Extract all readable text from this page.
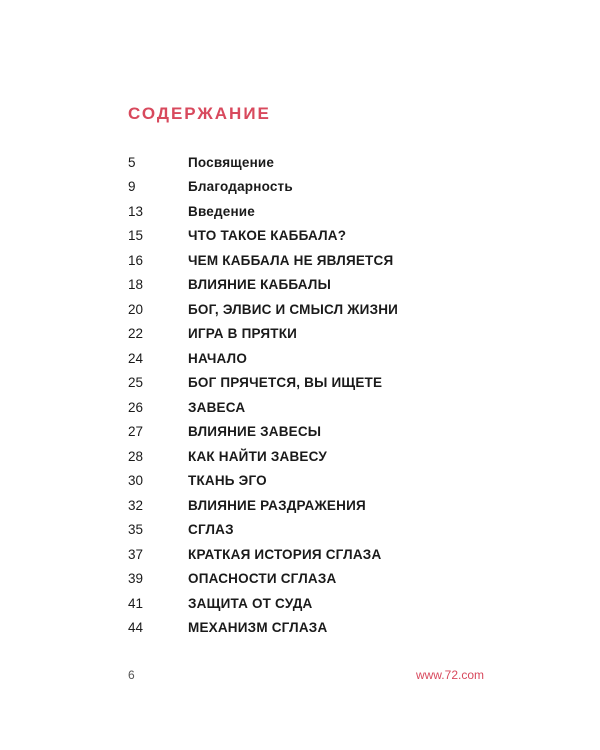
СОДЕРЖАНИЕ
5	Посвящение
9	Благодарность
13	Введение
15	ЧТО ТАКОЕ КАББАЛА?
16	ЧЕМ КАББАЛА НЕ ЯВЛЯЕТСЯ
18	ВЛИЯНИЕ КАББАЛЫ
20	БОГ, ЭЛВИС И СМЫСЛ ЖИЗНИ
22	ИГРА В ПРЯТКИ
24	НАЧАЛО
25	БОГ ПРЯЧЕТСЯ, ВЫ ИЩЕТЕ
26	ЗАВЕСА
27	ВЛИЯНИЕ ЗАВЕСЫ
28	КАК НАЙТИ ЗАВЕСУ
30	ТКАНЬ ЭГО
32	ВЛИЯНИЕ РАЗДРАЖЕНИЯ
35	СГЛАЗ
37	КРАТКАЯ ИСТОРИЯ СГЛАЗА
39	ОПАСНОСТИ СГЛАЗА
41	ЗАЩИТА ОТ СУДА
44	МЕХАНИЗМ СГЛАЗА
6	www.72.com
